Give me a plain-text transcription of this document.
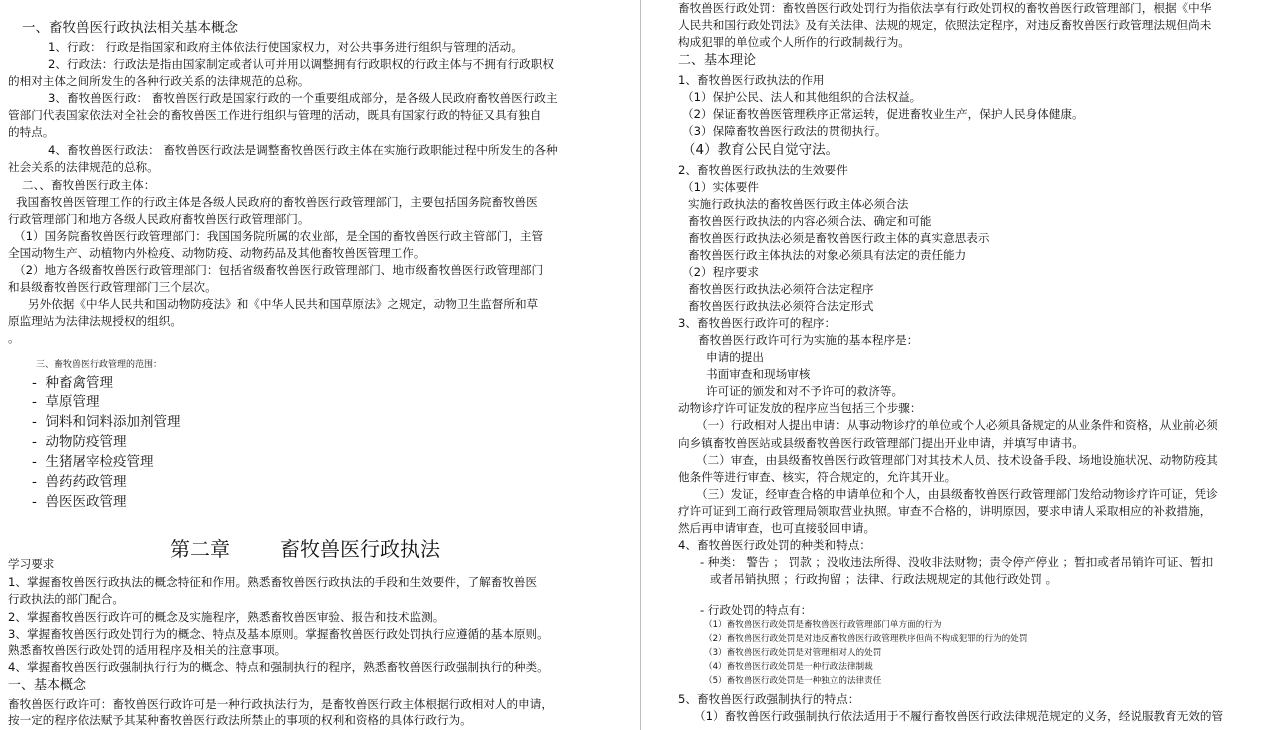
一、畜牧兽医行政执法相关基本概念
1、行政： 行政是指国家和政府主体依法行使国家权力，对公共事务进行组织与管理的活动。
2、行政法：行政法是指由国家制定或者认可并用以调整拥有行政职权的行政主体与不拥有行政职权
的相对主体之间所发生的各种行政关系的法律规范的总称。
3、畜牧兽医行政： 畜牧兽医行政是国家行政的一个重要组成部分，是各级人民政府畜牧兽医行政主
管部门代表国家依法对全社会的畜牧兽医工作进行组织与管理的活动，既具有国家行政的特征又具有独自
的特点。
4、畜牧兽医行政法： 畜牧兽医行政法是调整畜牧兽医行政主体在实施行政职能过程中所发生的各种
社会关系的法律规范的总称。
二、、畜牧兽医行政主体：
我国畜牧兽医管理工作的行政主体是各级人民政府的畜牧兽医行政管理部门，主要包括国务院畜牧兽医
行政管理部门和地方各级人民政府畜牧兽医行政管理部门。
（1）国务院畜牧兽医行政管理部门：我国国务院所属的农业部，是全国的畜牧兽医行政主管部门，主管
全国动物生产、动植物内外检疫、动物防疫、动物药品及其他畜牧兽医管理工作。
（2）地方各级畜牧兽医行政管理部门：包括省级畜牧兽医行政管理部门、地市级畜牧兽医行政管理部门
和县级畜牧兽医行政管理部门三个层次。
另外依据《中华人民共和国动物防疫法》和《中华人民共和国草原法》之规定，动物卫生监督所和草
原监理站为法律法规授权的组织。
。
三、畜牧兽医行政管理的范围：
-  种畜禽管理
-  草原管理
-  饲料和饲料添加剂管理
-  动物防疫管理
-  生猪屠宰检疫管理
-  兽药药政管理
-  兽医医政管理
第二章	畜牧兽医行政执法
学习要求
1、掌握畜牧兽医行政执法的概念特征和作用。熟悉畜牧兽医行政执法的手段和生效要件，了解畜牧兽医
行政执法的部门配合。
2、掌握畜牧兽医行政许可的概念及实施程序，熟悉畜牧兽医审验、报告和技术监测。
3、掌握畜牧兽医行政处罚行为的概念、特点及基本原则。掌握畜牧兽医行政处罚执行应遵循的基本原则。
熟悉畜牧兽医行政处罚的适用程序及相关的注意事项。
4、掌握畜牧兽医行政强制执行行为的概念、特点和强制执行的程序，熟悉畜牧兽医行政强制执行的种类。
一、基本概念
畜牧兽医行政许可：畜牧兽医行政许可是一种行政执法行为，是畜牧兽医行政主体根据行政相对人的申请，
按一定的程序依法赋予其某种畜牧兽医行政法所禁止的事项的权利和资格的具体行政行为。
畜牧兽医行政处罚：畜牧兽医行政处罚行为指依法享有行政处罚权的畜牧兽医行政管理部门，根据《中华
人民共和国行政处罚法》及有关法律、法规的规定，依照法定程序，对违反畜牧兽医行政管理法规但尚未
构成犯罪的单位或个人所作的行政制裁行为。
二、基本理论
1、畜牧兽医行政执法的作用
（1）保护公民、法人和其他组织的合法权益。
（2）保证畜牧兽医管理秩序正常运转，促进畜牧业生产，保护人民身体健康。
（3）保障畜牧兽医行政法的贯彻执行。
（4）教育公民自觉守法。
2、畜牧兽医行政执法的生效要件
（1）实体要件
实施行政执法的畜牧兽医行政主体必须合法
畜牧兽医行政执法的内容必须合法、确定和可能
畜牧兽医行政执法必须是畜牧兽医行政主体的真实意思表示
畜牧兽医行政主体执法的对象必须具有法定的责任能力
（2）程序要求
畜牧兽医行政执法必须符合法定程序
畜牧兽医行政执法必须符合法定形式
3、畜牧兽医行政许可的程序：
畜牧兽医行政许可行为实施的基本程序是：
申请的提出
书面审查和现场审核
许可证的颁发和对不予许可的救济等。
动物诊疗许可证发放的程序应当包括三个步骤：
（一）行政相对人提出申请：从事动物诊疗的单位或个人必须具备规定的从业条件和资格，从业前必须
向乡镇畜牧兽医站或县级畜牧兽医行政管理部门提出开业申请，并填写申请书。
（二）审查，由县级畜牧兽医行政管理部门对其技术人员、技术设备手段、场地设施状况、动物防疫其
他条件等进行审查、核实，符合规定的，允许其开业。
（三）发证，经审查合格的申请单位和个人，由县级畜牧兽医行政管理部门发给动物诊疗许可证，凭诊
疗许可证到工商行政管理局领取营业执照。审查不合格的，讲明原因，要求申请人采取相应的补救措施，
然后再申请审查，也可直接驳回申请。
4、畜牧兽医行政处罚的种类和特点：
- 种类： 警告 ； 罚款 ；没收违法所得、没收非法财物；责令停产停业 ；暂扣或者吊销许可证、暂扣
或者吊销执照 ；行政拘留 ；法律、行政法规规定的其他行政处罚 。
- 行政处罚的特点有：
（1）畜牧兽医行政处罚是畜牧兽医行政管理部门单方面的行为
（2）畜牧兽医行政处罚是对违反畜牧兽医行政管理秩序但尚不构成犯罪的行为的处罚
（3）畜牧兽医行政处罚是对管理相对人的处罚
（4）畜牧兽医行政处罚是一种行政法律制裁
（5）畜牧兽医行政处罚是一种独立的法律责任
5、畜牧兽医行政强制执行的特点：
（1）畜牧兽医行政强制执行依法适用于不履行畜牧兽医行政法律规范规定的义务，经说服教育无效的管
